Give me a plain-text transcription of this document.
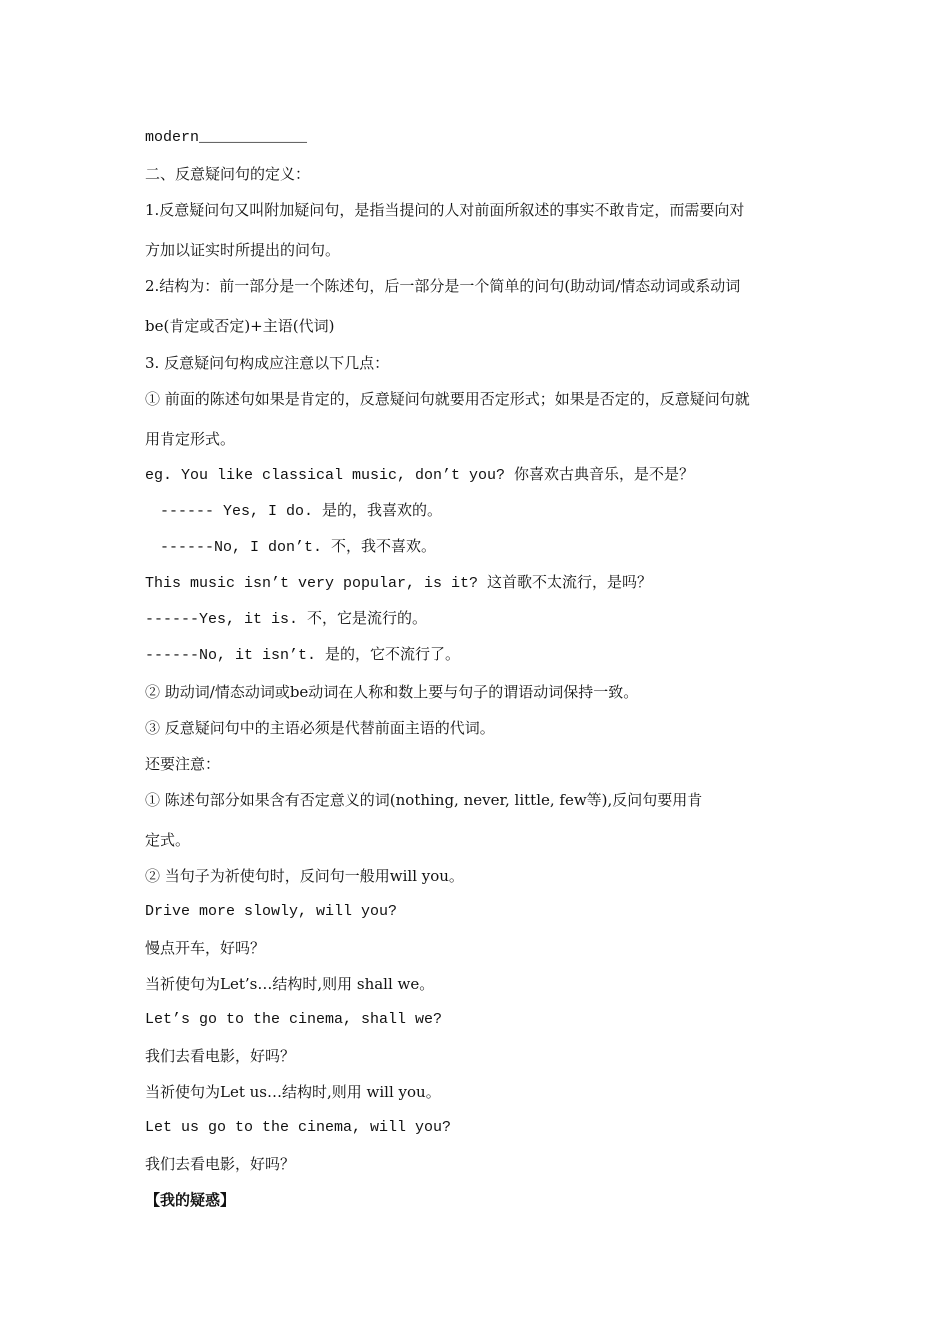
modern____________
二、反意疑问句的定义：
1.反意疑问句又叫附加疑问句，是指当提问的人对前面所叙述的事实不敢肯定，而需要向对
方加以证实时所提出的问句。
2.结构为：前一部分是一个陈述句，后一部分是一个简单的问句(助动词/情态动词或系动词
be(肯定或否定)+主语(代词)
3. 反意疑问句构成应注意以下几点：
① 前面的陈述句如果是肯定的，反意疑问句就要用否定形式；如果是否定的，反意疑问句就
用肯定形式。
eg. You like classical music, don’t you? 你喜欢古典音乐，是不是？
------ Yes, I do. 是的，我喜欢的。
------No, I don’t. 不，我不喜欢。
This music isn’t very popular, is it? 这首歌不太流行，是吗？
------Yes, it is. 不，它是流行的。
------No, it isn’t. 是的，它不流行了。
② 助动词/情态动词或be动词在人称和数上要与句子的谓语动词保持一致。
③ 反意疑问句中的主语必须是代替前面主语的代词。
还要注意：
① 陈述句部分如果含有否定意义的词(nothing, never, little, few等),反问句要用肯
定式。
② 当句子为祈使句时，反问句一般用will you。
Drive more slowly, will you?
慢点开车，好吗？
当祈使句为Let’s…结构时,则用 shall we。
Let’s go to the cinema, shall we?
我们去看电影，好吗？
当祈使句为Let us…结构时,则用 will you。
Let us go to the cinema, will you?
我们去看电影，好吗？
【我的疑惑】
